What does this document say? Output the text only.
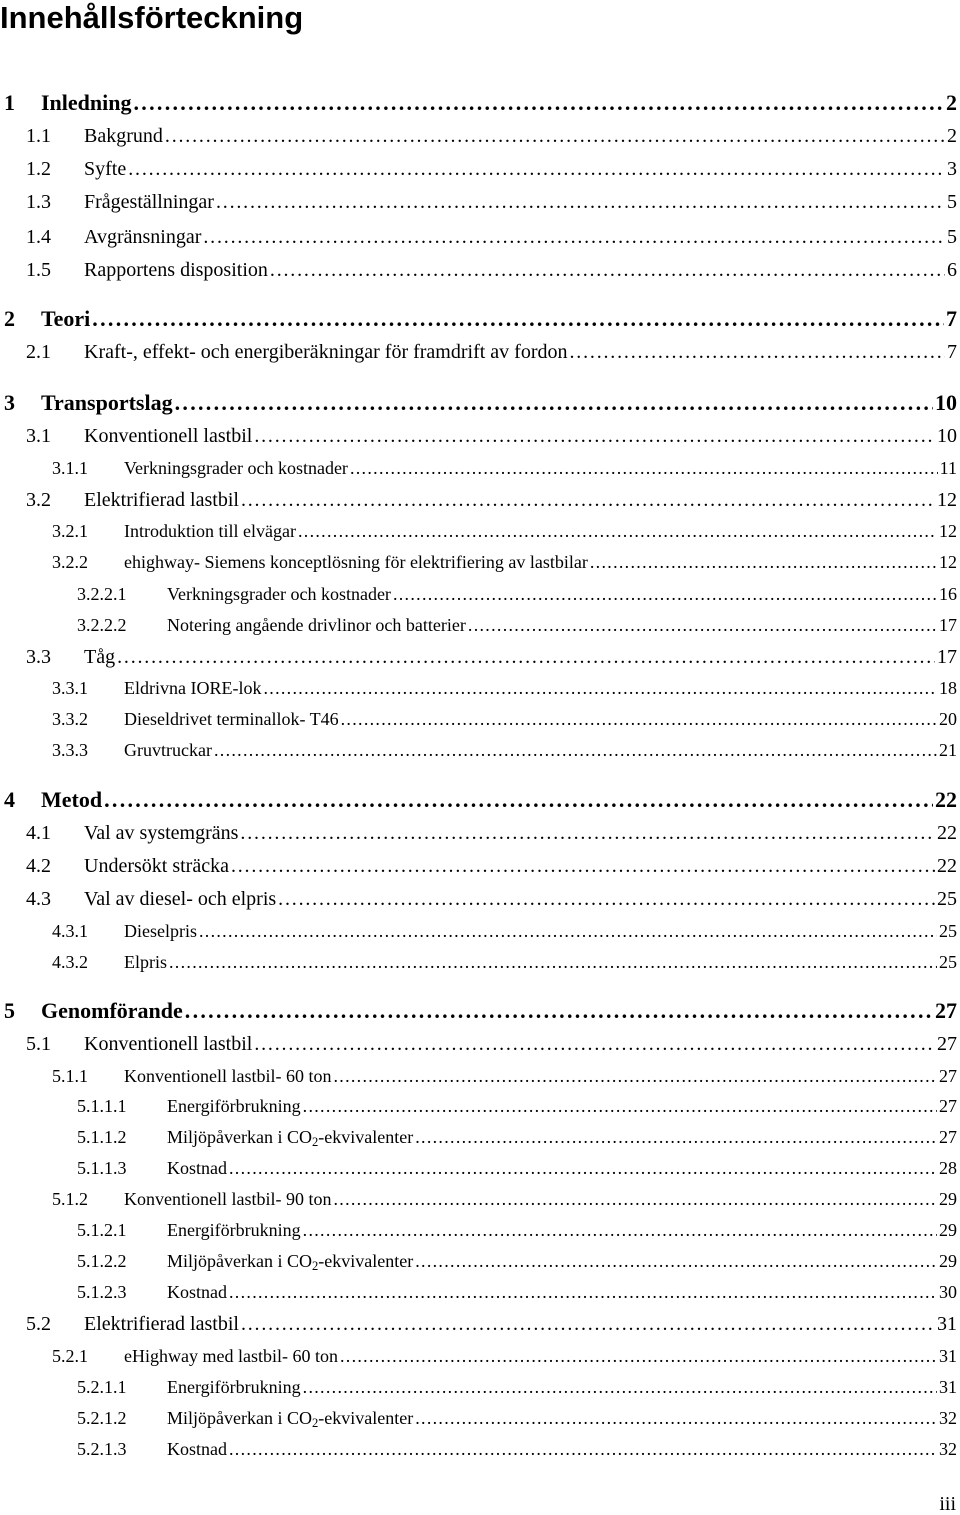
Innehållsförteckning
1	Inledning . . .	2
1.1	Bakgrund . . .	2
1.2	Syfte . . .	3
1.3	Frågeställningar . . .	5
1.4	Avgränsningar . . .	5
1.5	Rapportens disposition . . .	6
2	Teori . . .	7
2.1	Kraft-, effekt- och energiberäkningar för framdrift av fordon . . .	7
3	Transportslag . . .	10
3.1	Konventionell lastbil . . .	10
3.1.1	Verkningsgrader och kostnader . . .	11
3.2	Elektrifierad lastbil . . .	12
3.2.1	Introduktion till elvägar . . .	12
3.2.2	ehighway- Siemens konceptlösning för elektrifiering av lastbilar . . .	12
3.2.2.1	Verkningsgrader och kostnader . . .	16
3.2.2.2	Notering angående drivlinor och batterier . . .	17
3.3	Tåg . . .	17
3.3.1	Eldrivna IORE-lok . . .	18
3.3.2	Dieseldrivet terminallok- T46 . . .	20
3.3.3	Gruvtruckar . . .	21
4	Metod . . .	22
4.1	Val av systemgräns . . .	22
4.2	Undersökt sträcka . . .	22
4.3	Val av diesel- och elpris . . .	25
4.3.1	Dieselpris . . .	25
4.3.2	Elpris . . .	25
5	Genomförande . . .	27
5.1	Konventionell lastbil . . .	27
5.1.1	Konventionell lastbil- 60 ton . . .	27
5.1.1.1	Energiförbrukning . . .	27
5.1.1.2	Miljöpåverkan i $CO_2$-ekvivalenter . . .	27
5.1.1.3	Kostnad . . .	28
5.1.2	Konventionell lastbil- 90 ton . . .	29
5.1.2.1	Energiförbrukning . . .	29
5.1.2.2	Miljöpåverkan i $CO_2$-ekvivalenter . . .	29
5.1.2.3	Kostnad . . .	30
5.2	Elektrifierad lastbil . . .	31
5.2.1	eHighway med lastbil- 60 ton . . .	31
5.2.1.1	Energiförbrukning . . .	31
5.2.1.2	Miljöpåverkan i $CO_2$-ekvivalenter . . .	32
5.2.1.3	Kostnad . . .	32
iii
